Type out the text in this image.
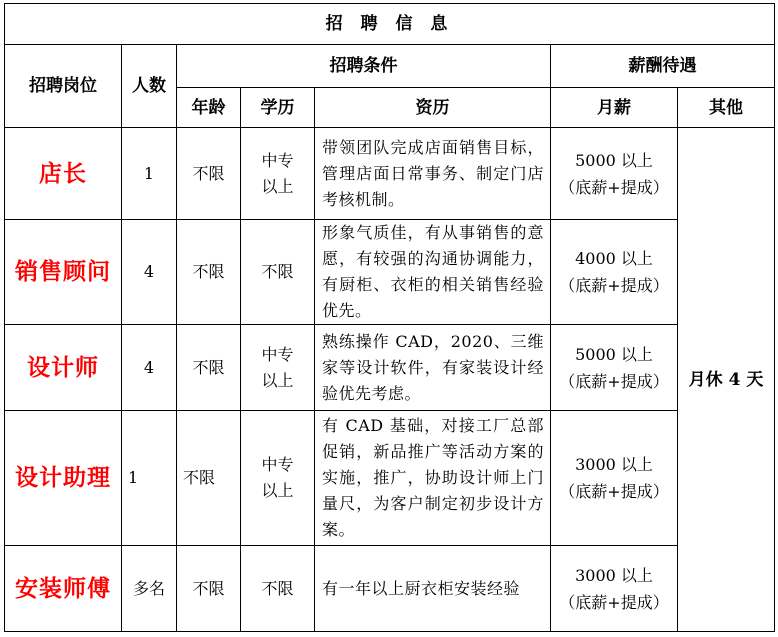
招 聘 信 息						
招聘岗位	人数	招聘条件			薪酬待遇	
		年龄	学历	资历	月薪	其他
店长	1	不限	中专以上	带领团队完成店面销售目标，管理店面日常事务、制定门店考核机制。	5000 以上
（底薪+提成）	月休 4 天
销售顾问	4	不限	不限	形象气质佳，有从事销售的意愿，有较强的沟通协调能力，有厨柜、衣柜的相关销售经验优先。	4000 以上
（底薪+提成）	

设计师	4	不限	中专以上	熟练操作 CAD，2020、三维家等设计软件，有家装设计经验优先考虑。	5000 以上
（底薪+提成）	

设计助理	1	不限	中专以上	有 CAD 基础，对接工厂总部促销，新品推广等活动方案的实施，推广，协助设计师上门量尺，为客户制定初步设计方案。	3000 以上
（底薪+提成）	

安装师傅	多名	不限	不限	有一年以上厨衣柜安装经验	3000 以上
（底薪+提成）	
